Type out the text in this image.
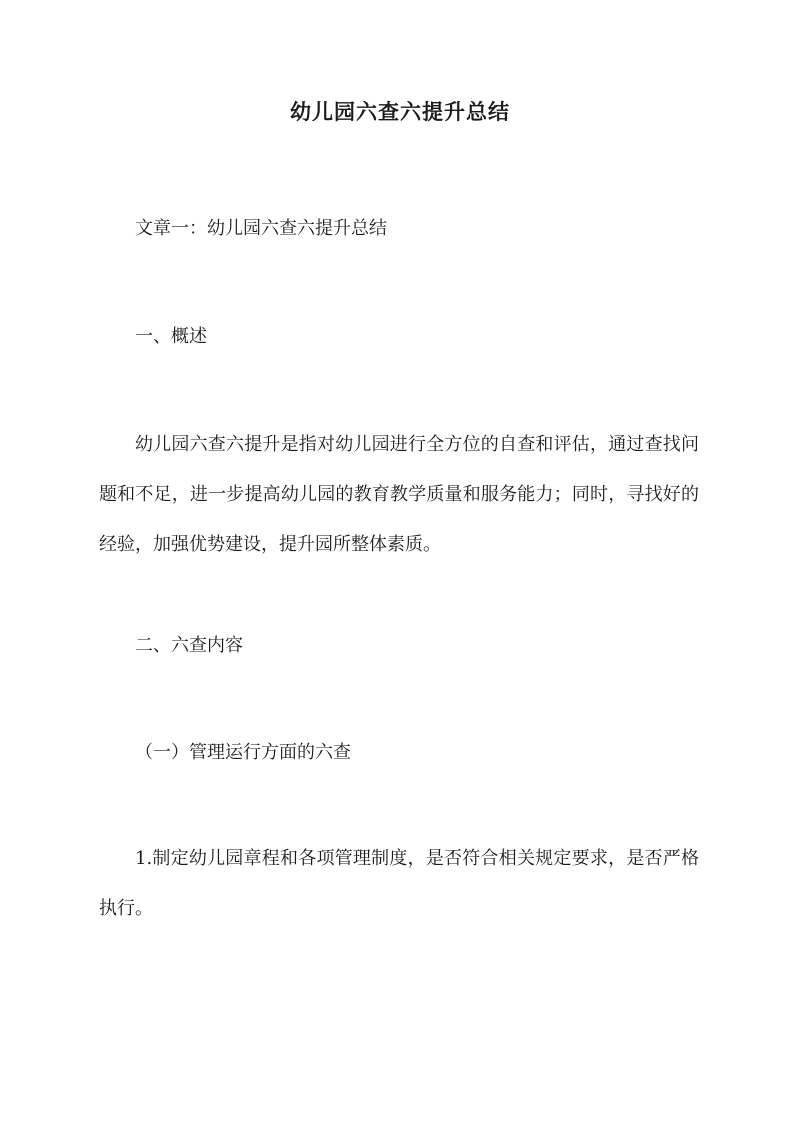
幼儿园六查六提升总结
文章一：幼儿园六查六提升总结
一、概述
幼儿园六查六提升是指对幼儿园进行全方位的自查和评估，通过查找问题和不足，进一步提高幼儿园的教育教学质量和服务能力；同时，寻找好的经验，加强优势建设，提升园所整体素质。
二、六查内容
（一）管理运行方面的六查
1.制定幼儿园章程和各项管理制度，是否符合相关规定要求，是否严格执行。
